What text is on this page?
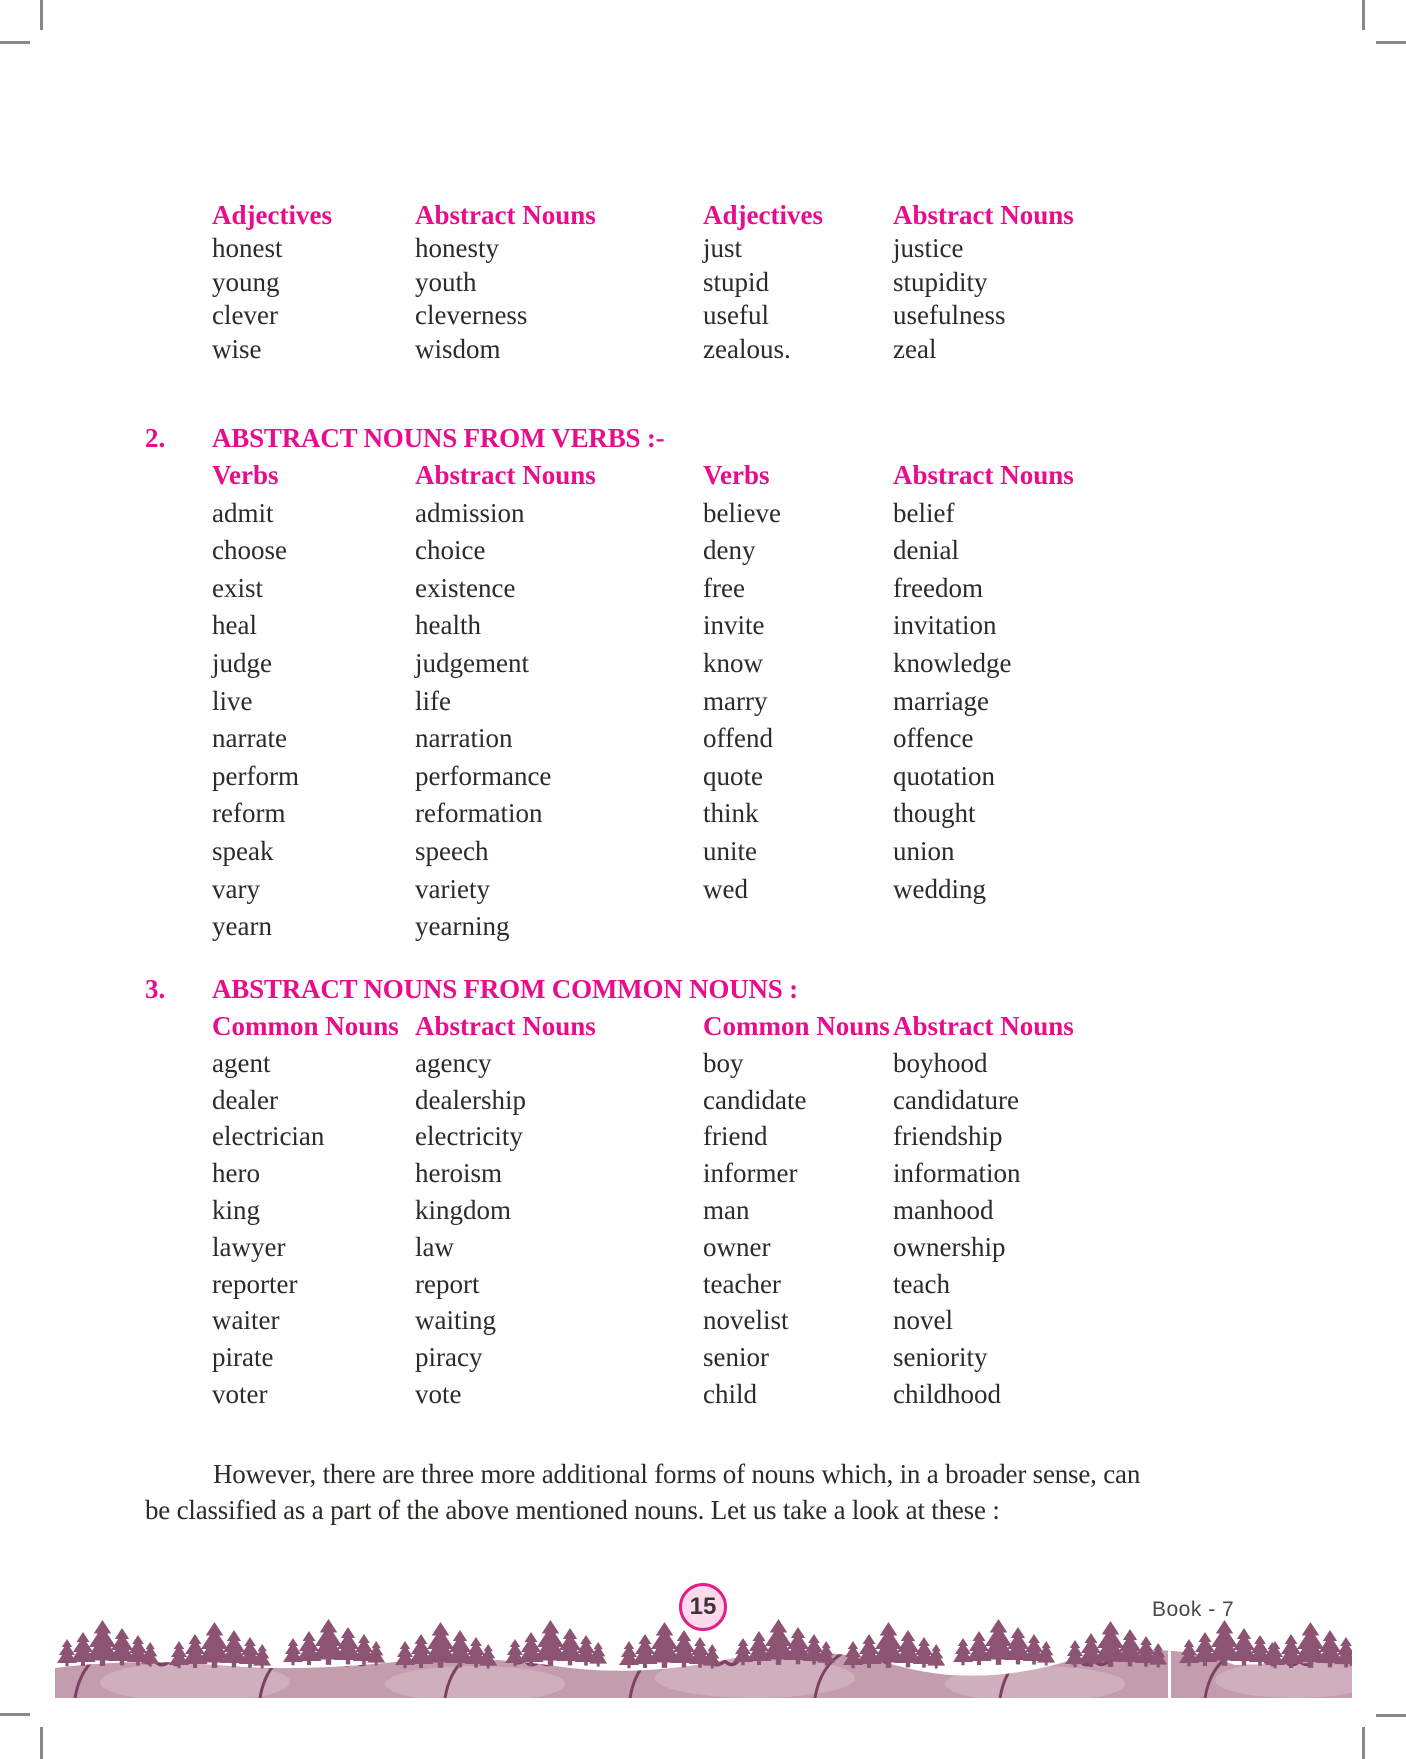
Adjectives	Abstract Nouns	Adjectives	Abstract Nouns
honest	honesty	just	justice
young	youth	stupid	stupidity
clever	cleverness	useful	usefulness
wise	wisdom	zealous.	zeal
2.	ABSTRACT NOUNS FROM VERBS :-
Verbs	Abstract Nouns	Verbs	Abstract Nouns
admit	admission	believe	belief
choose	choice	deny	denial
exist	existence	free	freedom
heal	health	invite	invitation
judge	judgement	know	knowledge
live	life	marry	marriage
narrate	narration	offend	offence
perform	performance	quote	quotation
reform	reformation	think	thought
speak	speech	unite	union
vary	variety	wed	wedding
yearn	yearning
3.	ABSTRACT NOUNS FROM COMMON NOUNS :
Common Nouns Abstract Nouns	Common Nouns Abstract Nouns
agent	agency	boy	boyhood
dealer	dealership	candidate	candidature
electrician	electricity	friend	friendship
hero	heroism	informer	information
king	kingdom	man	manhood
lawyer	law	owner	ownership
reporter	report	teacher	teach
waiter	waiting	novelist	novel
pirate	piracy	senior	seniority
voter	vote	child	childhood

However, there are three more additional forms of nouns which, in a broader sense, can be classified as a part of the above mentioned nouns. Let us take a look at these :

15	Book - 7
